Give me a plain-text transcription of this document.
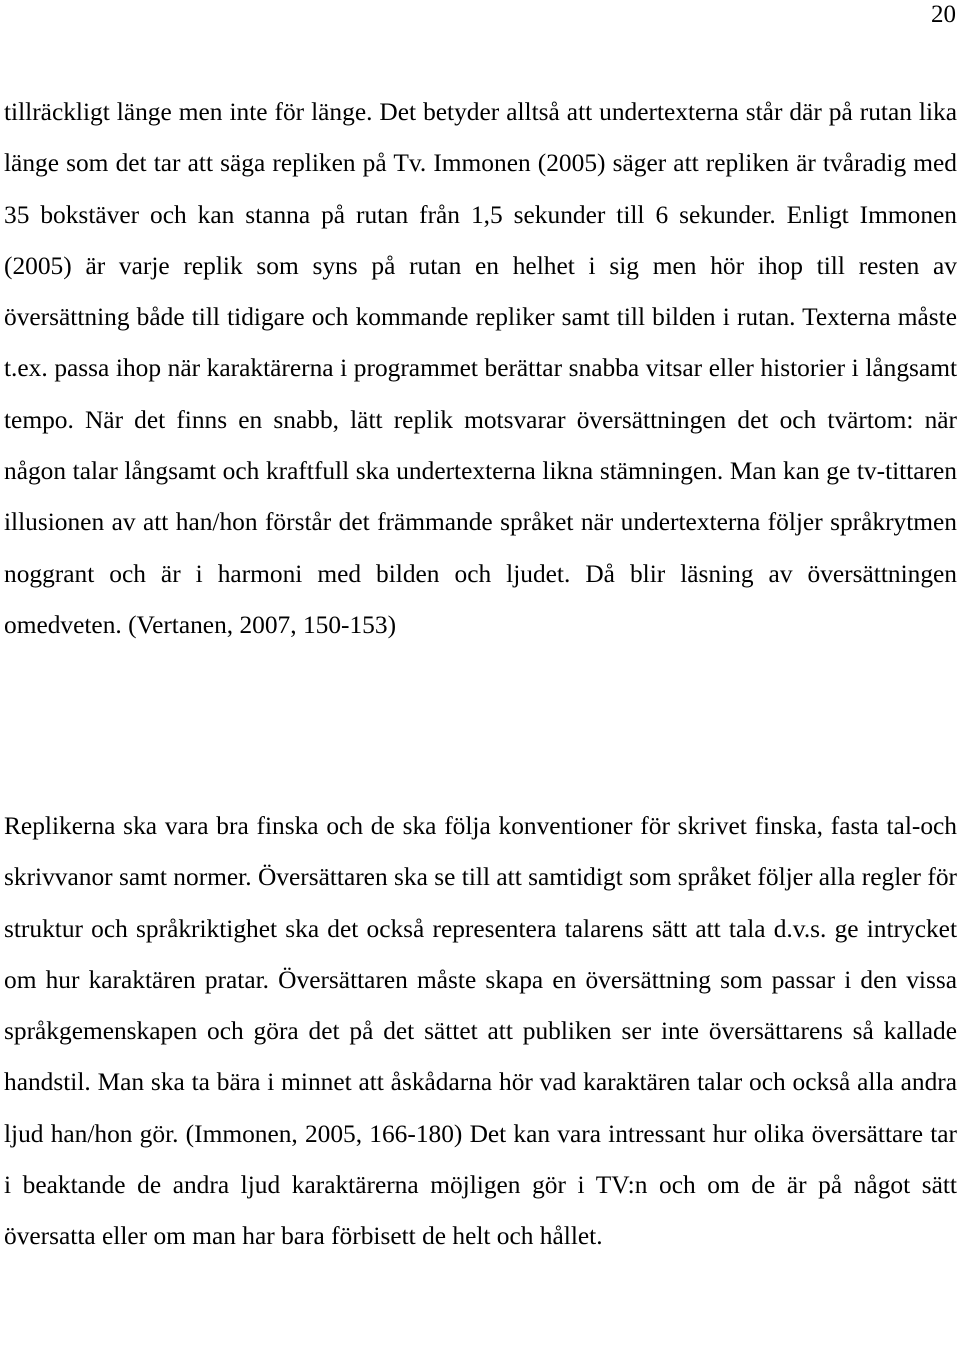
20

tillräckligt länge men inte för länge. Det betyder alltså att undertexterna står där på rutan lika länge som det tar att säga repliken på Tv. Immonen (2005) säger att repliken är tvåradig med 35 bokstäver och kan stanna på rutan från 1,5 sekunder till 6 sekunder. Enligt Immonen (2005) är varje replik som syns på rutan en helhet i sig men hör ihop till resten av översättning både till tidigare och kommande repliker samt till bilden i rutan. Texterna måste t.ex. passa ihop när karaktärerna i programmet berättar snabba vitsar eller historier i långsamt tempo. När det finns en snabb, lätt replik motsvarar översättningen det och tvärtom: när någon talar långsamt och kraftfull ska undertexterna likna stämningen. Man kan ge tv-tittaren illusionen av att han/hon förstår det främmande språket när undertexterna följer språkrytmen noggrant och är i harmoni med bilden och ljudet. Då blir läsning av översättningen omedveten. (Vertanen, 2007, 150-153)

Replikerna ska vara bra finska och de ska följa konventioner för skrivet finska, fasta tal-och skrivvanor samt normer. Översättaren ska se till att samtidigt som språket följer alla regler för struktur och språkriktighet ska det också representera talarens sätt att tala d.v.s. ge intrycket om hur karaktären pratar. Översättaren måste skapa en översättning som passar i den vissa språkgemenskapen och göra det på det sättet att publiken ser inte översättarens så kallade handstil. Man ska ta bära i minnet att åskådarna hör vad karaktären talar och också alla andra ljud han/hon gör. (Immonen, 2005, 166-180) Det kan vara intressant hur olika översättare tar i beaktande de andra ljud karaktärerna möjligen gör i TV:n och om de är på något sätt översatta eller om man har bara förbisett de helt och hållet.
